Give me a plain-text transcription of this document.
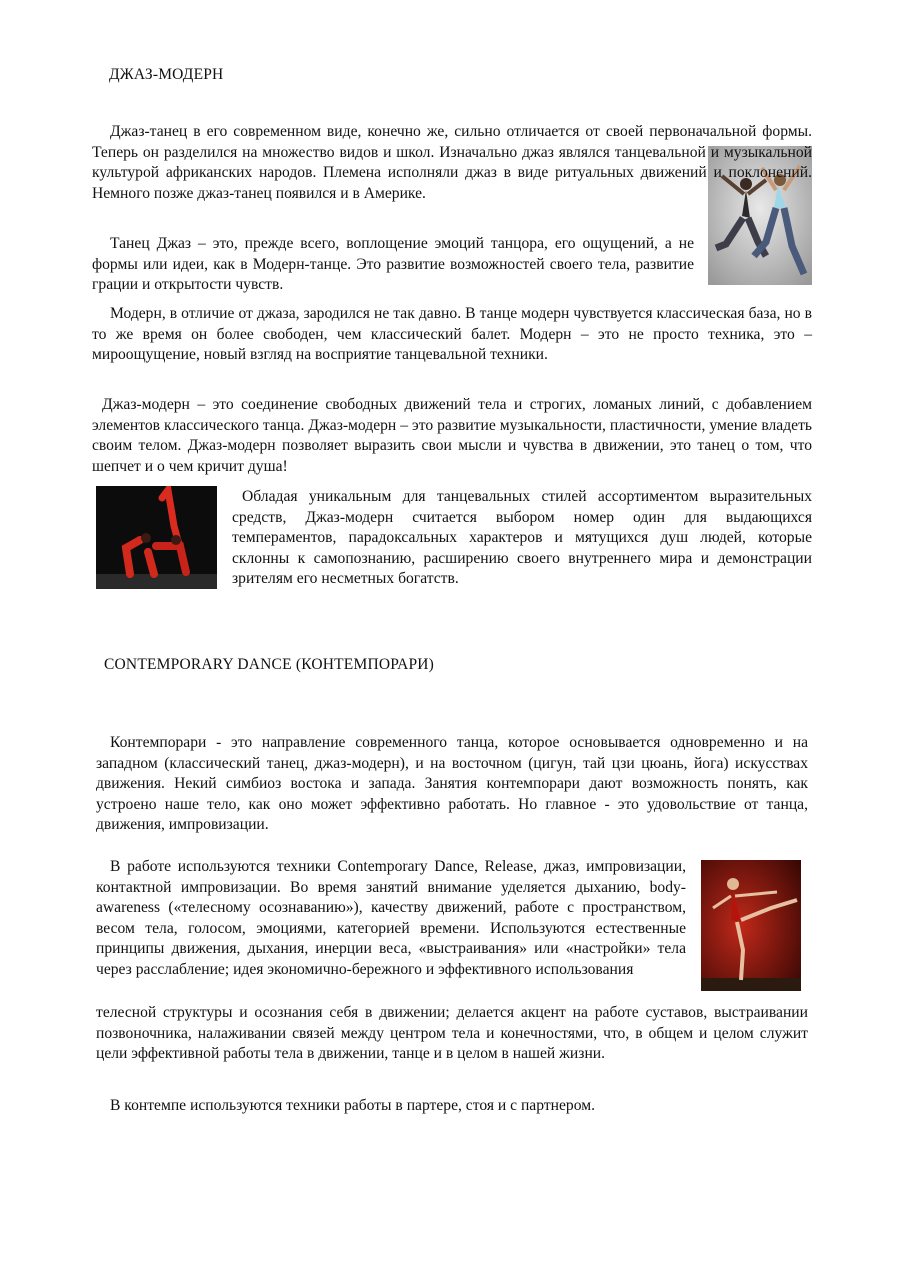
ДЖАЗ-МОДЕРН

Джаз-танец в его современном виде, конечно же, сильно отличается от своей первоначальной формы. Теперь он разделился на множество видов и школ. Изначально джаз являлся танцевальной и музыкальной культурой африканских народов. Племена исполняли джаз в виде ритуальных движений и поклонений. Немного позже джаз-танец появился и в Америке.

Танец Джаз – это, прежде всего, воплощение эмоций танцора, его ощущений, а не формы или идеи, как в Модерн-танце. Это развитие возможностей своего тела, развитие грации и открытости чувств.

Модерн, в отличие от джаза, зародился не так давно. В танце модерн чувствуется классическая база, но в то же время он более свободен, чем классический балет. Модерн – это не просто техника, это – мироощущение, новый взгляд на восприятие танцевальной техники.

Джаз-модерн – это соединение свободных движений тела и строгих, ломаных линий, с добавлением элементов классического танца. Джаз-модерн – это развитие музыкальности, пластичности, умение владеть своим телом. Джаз-модерн позволяет выразить свои мысли и чувства в движении, это танец о том, что шепчет и о чем кричит душа!

Обладая уникальным для танцевальных стилей ассортиментом выразительных средств, Джаз-модерн считается выбором номер один для выдающихся темпераментов, парадоксальных характеров и мятущихся душ людей, которые склонны к самопознанию, расширению своего внутреннего мира и демонстрации зрителям его несметных богатств.

CONTEMPORARY DANCE (КОНТЕМПОРАРИ)

Контемпорари - это направление современного танца, которое основывается одновременно и на западном (классический танец, джаз-модерн), и на восточном (цигун, тай цзи цюань, йога) искусствах движения. Некий симбиоз востока и запада. Занятия контемпорари дают возможность понять, как устроено наше тело, как оно может эффективно работать. Но главное - это удовольствие от танца, движения, импровизации.

В работе используются техники Contemporary Dance, Release, джаз, импровизации, контактной импровизации. Во время занятий внимание уделяется дыханию, body-awareness («телесному осознаванию»), качеству движений, работе с пространством, весом тела, голосом, эмоциями, категорией времени. Используются естественные принципы движения, дыхания, инерции веса, «выстраивания» или «настройки» тела через расслабление; идея экономично-бережного и эффективного использования

телесной структуры и осознания себя в движении; делается акцент на работе суставов, выстраивании позвоночника, налаживании связей между центром тела и конечностями, что, в общем и целом служит цели эффективной работы тела в движении, танце и в целом в нашей жизни.

В контемпе используются техники работы в партере, стоя и с партнером.
